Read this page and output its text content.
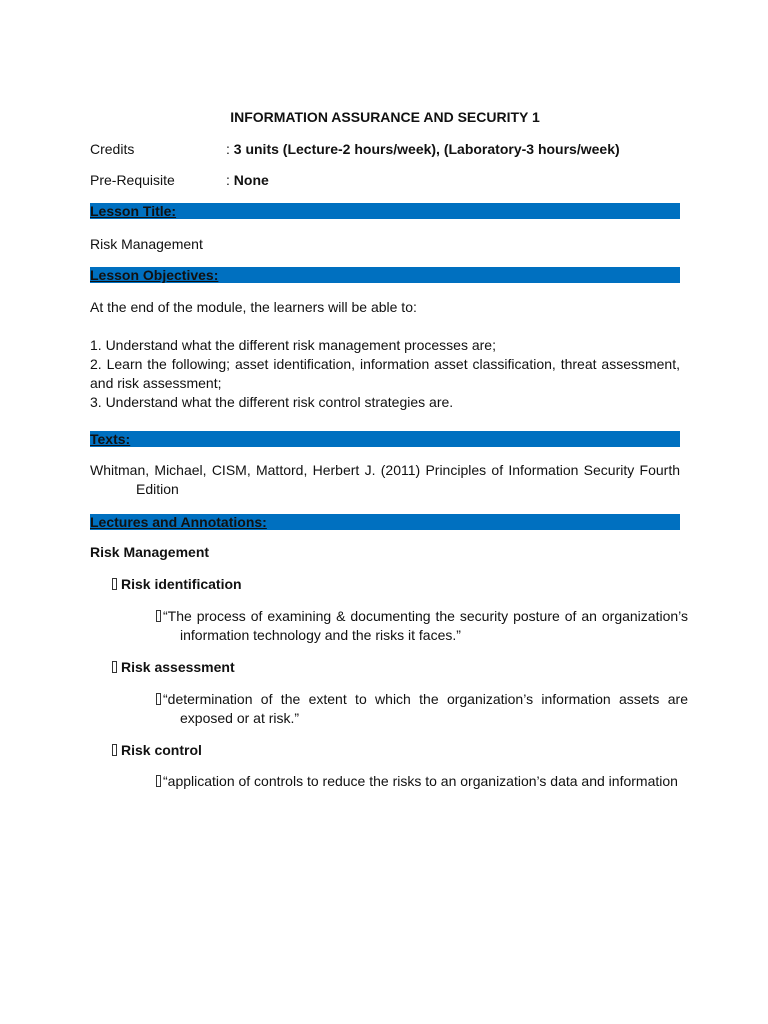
INFORMATION ASSURANCE AND SECURITY 1
Credits	: 3 units (Lecture-2 hours/week), (Laboratory-3 hours/week)
Pre-Requisite	: None
Lesson Title:
Risk Management
Lesson Objectives:
At the end of the module, the learners will be able to:
1. Understand what the different risk management processes are;
2. Learn the following; asset identification, information asset classification, threat assessment, and risk assessment;
3. Understand what the different risk control strategies are.
Texts:
Whitman, Michael, CISM, Mattord, Herbert J. (2011) Principles of Information Security Fourth Edition
Lectures and Annotations:
Risk Management
Risk identification
“The process of examining & documenting the security posture of an organization’s information technology and the risks it faces.”
Risk assessment
“determination of the extent to which the organization’s information assets are exposed or at risk.”
Risk control
“application of controls to reduce the risks to an organization’s data and information
